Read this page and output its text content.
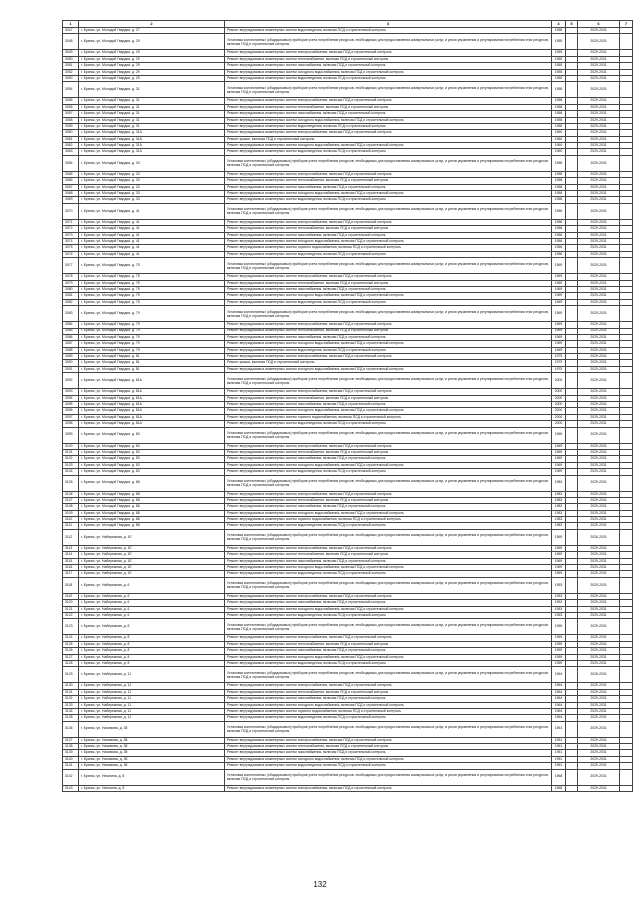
1	2	3	4	5	6	7
3047	г. Брянск, ул. Молодой Гвардии, д. 27	Ремонт внутридомовых инженерных систем водоотведения, включая ПСД и строительный контроль	1958		2029-2031	
3048	г. Брянск, ул. Молодой Гвардии, д. 29	Установка коллективных (общедомовых) приборов учета потребления ресурсов, необходимых для предоставления коммунальных услуг, и узлов управления и регулирования потребления этих ресурсов, включая ПСД и строительный контроль	1955		2029-2031	
3049	г. Брянск, ул. Молодой Гвардии, д. 29	Ремонт внутридомовых инженерных систем электроснабжения, включая ПСД и строительный контроль	1955		2029-2031	
3050	г. Брянск, ул. Молодой Гвардии, д. 29	Ремонт внутридомовых инженерных систем теплоснабжения, включая ПСД и строительный контроль	1955		2029-2031	
3051	г. Брянск, ул. Молодой Гвардии, д. 29	Ремонт внутридомовых инженерных систем газоснабжения, включая ПСД и строительный контроль	1955		2029-2031	
3052	г. Брянск, ул. Молодой Гвардии, д. 29	Ремонт внутридомовых инженерных систем холодного водоснабжения, включая ПСД и строительный контроль	1955		2029-2031	
3053	г. Брянск, ул. Молодой Гвардии, д. 29	Ремонт внутридомовых инженерных систем водоотведения, включая ПСД и строительный контроль	1955		2029-2031	
3054	г. Брянск, ул. Молодой Гвардии, д. 31	Установка коллективных (общедомовых) приборов учета потребления ресурсов, необходимых для предоставления коммунальных услуг, и узлов управления и регулирования потребления этих ресурсов, включая ПСД и строительный контроль	1958		2029-2031	
3055	г. Брянск, ул. Молодой Гвардии, д. 31	Ремонт внутридомовых инженерных систем электроснабжения, включая ПСД и строительный контроль	1958		2029-2031	
3056	г. Брянск, ул. Молодой Гвардии, д. 31	Ремонт внутридомовых инженерных систем теплоснабжения, включая ПСД и строительный контроль	1958		2029-2031	
3057	г. Брянск, ул. Молодой Гвардии, д. 31	Ремонт внутридомовых инженерных систем газоснабжения, включая ПСД и строительный контроль	1958		2029-2031	
3058	г. Брянск, ул. Молодой Гвардии, д. 31	Ремонт внутридомовых инженерных систем холодного водоснабжения, включая ПСД и строительный контроль	1958		2029-2031	
3059	г. Брянск, ул. Молодой Гвардии, д. 31	Ремонт внутридомовых инженерных систем водоотведения, включая ПСД и строительный контроль	1958		2029-2031	
3060	г. Брянск, ул. Молодой Гвардии, д. 31А	Ремонт внутридомовых инженерных систем электроснабжения, включая ПСД и строительный контроль	1960		2029-2031	
3061	г. Брянск, ул. Молодой Гвардии, д. 31А	Ремонт крыши, включая ПСД и строительный контроль	1960		2029-2031	
3062	г. Брянск, ул. Молодой Гвардии, д. 31А	Ремонт внутридомовых инженерных систем холодного водоснабжения, включая ПСД и строительный контроль	1960		2029-2031	
3063	г. Брянск, ул. Молодой Гвардии, д. 31А	Ремонт внутридомовых инженерных систем водоотведения, включая ПСД и строительный контроль	1960		2029-2031	
3064	г. Брянск, ул. Молодой Гвардии, д. 33	Установка коллективных (общедомовых) приборов учета потребления ресурсов, необходимых для предоставления коммунальных услуг, и узлов управления и регулирования потребления этих ресурсов, включая ПСД и строительный контроль	1958		2029-2031	
3065	г. Брянск, ул. Молодой Гвардии, д. 33	Ремонт внутридомовых инженерных систем электроснабжения, включая ПСД и строительный контроль	1958		2029-2031	
3066	г. Брянск, ул. Молодой Гвардии, д. 33	Ремонт внутридомовых инженерных систем теплоснабжения, включая ПСД и строительный контроль	1958		2029-2031	
3067	г. Брянск, ул. Молодой Гвардии, д. 33	Ремонт внутридомовых инженерных систем газоснабжения, включая ПСД и строительный контроль	1958		2029-2031	
3068	г. Брянск, ул. Молодой Гвардии, д. 33	Ремонт внутридомовых инженерных систем холодного водоснабжения, включая ПСД и строительный контроль	1958		2029-2031	
3069	г. Брянск, ул. Молодой Гвардии, д. 33	Ремонт внутридомовых инженерных систем водоотведения, включая ПСД и строительный контроль	1958		2029-2031	
3070	г. Брянск, ул. Молодой Гвардии, д. 41	Установка коллективных (общедомовых) приборов учета потребления ресурсов, необходимых для предоставления коммунальных услуг, и узлов управления и регулирования потребления этих ресурсов, включая ПСД и строительный контроль	1956		2029-2031	
3071	г. Брянск, ул. Молодой Гвардии, д. 41	Ремонт внутридомовых инженерных систем электроснабжения, включая ПСД и строительный контроль	1956		2029-2031	
3072	г. Брянск, ул. Молодой Гвардии, д. 41	Ремонт внутридомовых инженерных систем теплоснабжения, включая ПСД и строительный контроль	1956		2029-2031	
3073	г. Брянск, ул. Молодой Гвардии, д. 41	Ремонт внутридомовых инженерных систем газоснабжения, включая ПСД и строительный контроль	1956		2029-2031	
3074	г. Брянск, ул. Молодой Гвардии, д. 41	Ремонт внутридомовых инженерных систем холодного водоснабжения, включая ПСД и строительный контроль	1956		2029-2031	
3075	г. Брянск, ул. Молодой Гвардии, д. 41	Ремонт внутридомовых инженерных систем горячего водоснабжения, включая ПСД и строительный контроль	1956		2029-2031	
3076	г. Брянск, ул. Молодой Гвардии, д. 41	Ремонт внутридомовых инженерных систем водоотведения, включая ПСД и строительный контроль	1956		2029-2031	
3077	г. Брянск, ул. Молодой Гвардии, д. 75	Установка коллективных (общедомовых) приборов учета потребления ресурсов, необходимых для предоставления коммунальных услуг, и узлов управления и регулирования потребления этих ресурсов, включая ПСД и строительный контроль	1969		2029-2031	
3078	г. Брянск, ул. Молодой Гвардии, д. 75	Ремонт внутридомовых инженерных систем электроснабжения, включая ПСД и строительный контроль	1969		2029-2031	
3079	г. Брянск, ул. Молодой Гвардии, д. 75	Ремонт внутридомовых инженерных систем теплоснабжения, включая ПСД и строительный контроль	1969		2029-2031	
3080	г. Брянск, ул. Молодой Гвардии, д. 75	Ремонт внутридомовых инженерных систем газоснабжения, включая ПСД и строительный контроль	1969		2029-2031	
3081	г. Брянск, ул. Молодой Гвардии, д. 75	Ремонт внутридомовых инженерных систем холодного водоснабжения, включая ПСД и строительный контроль	1969		2029-2031	
3082	г. Брянск, ул. Молодой Гвардии, д. 75	Ремонт внутридомовых инженерных систем водоотведения, включая ПСД и строительный контроль	1969		2029-2031	
3083	г. Брянск, ул. Молодой Гвардии, д. 79	Установка коллективных (общедомовых) приборов учета потребления ресурсов, необходимых для предоставления коммунальных услуг, и узлов управления и регулирования потребления этих ресурсов, включая ПСД и строительный контроль	1969		2029-2031	
3084	г. Брянск, ул. Молодой Гвардии, д. 79	Ремонт внутридомовых инженерных систем электроснабжения, включая ПСД и строительный контроль	1969		2029-2031	
3085	г. Брянск, ул. Молодой Гвардии, д. 79	Ремонт внутридомовых инженерных систем теплоснабжения, включая ПСД и строительный контроль	1969		2029-2031	
3086	г. Брянск, ул. Молодой Гвардии, д. 79	Ремонт внутридомовых инженерных систем газоснабжения, включая ПСД и строительный контроль	1969		2029-2031	
3087	г. Брянск, ул. Молодой Гвардии, д. 79	Ремонт внутридомовых инженерных систем холодного водоснабжения, включая ПСД и строительный контроль	1969		2029-2031	
3088	г. Брянск, ул. Молодой Гвардии, д. 79	Ремонт внутридомовых инженерных систем водоотведения, включая ПСД и строительный контроль	1969		2029-2031	
3089	г. Брянск, ул. Молодой Гвардии, д. 81	Ремонт внутридомовых инженерных систем электроснабжения, включая ПСД и строительный контроль	1975		2029-2031	
3090	г. Брянск, ул. Молодой Гвардии, д. 81	Ремонт крыши, включая ПСД и строительный контроль	1975		2029-2031	
3091	г. Брянск, ул. Молодой Гвардии, д. 81	Ремонт внутридомовых инженерных систем холодного водоснабжения, включая ПСД и строительный контроль	1975		2029-2031	
3092	г. Брянск, ул. Молодой Гвардии, д. 81А	Установка коллективных (общедомовых) приборов учета потребления ресурсов, необходимых для предоставления коммунальных услуг, и узлов управления и регулирования потребления этих ресурсов, включая ПСД и строительный контроль	2000		2029-2031	
3093	г. Брянск, ул. Молодой Гвардии, д. 81А	Ремонт внутридомовых инженерных систем электроснабжения, включая ПСД и строительный контроль	2000		2029-2031	
3094	г. Брянск, ул. Молодой Гвардии, д. 81А	Ремонт внутридомовых инженерных систем теплоснабжения, включая ПСД и строительный контроль	2000		2029-2031	
3095	г. Брянск, ул. Молодой Гвардии, д. 81А	Ремонт внутридомовых инженерных систем газоснабжения, включая ПСД и строительный контроль	2000		2029-2031	
3096	г. Брянск, ул. Молодой Гвардии, д. 81А	Ремонт внутридомовых инженерных систем холодного водоснабжения, включая ПСД и строительный контроль	2000		2029-2031	
3097	г. Брянск, ул. Молодой Гвардии, д. 81А	Ремонт внутридомовых инженерных систем горячего водоснабжения, включая ПСД и строительный контроль	2000		2029-2031	
3098	г. Брянск, ул. Молодой Гвардии, д. 81А	Ремонт внутридомовых инженерных систем водоотведения, включая ПСД и строительный контроль	2000		2029-2031	
3099	г. Брянск, ул. Молодой Гвардии, д. 83	Установка коллективных (общедомовых) приборов учета потребления ресурсов, необходимых для предоставления коммунальных услуг, и узлов управления и регулирования потребления этих ресурсов, включая ПСД и строительный контроль	1969		2029-2031	
3100	г. Брянск, ул. Молодой Гвардии, д. 83	Ремонт внутридомовых инженерных систем электроснабжения, включая ПСД и строительный контроль	1969		2029-2031	
3101	г. Брянск, ул. Молодой Гвардии, д. 83	Ремонт внутридомовых инженерных систем теплоснабжения, включая ПСД и строительный контроль	1969		2029-2031	
3102	г. Брянск, ул. Молодой Гвардии, д. 83	Ремонт внутридомовых инженерных систем газоснабжения, включая ПСД и строительный контроль	1969		2029-2031	
3103	г. Брянск, ул. Молодой Гвардии, д. 83	Ремонт внутридомовых инженерных систем холодного водоснабжения, включая ПСД и строительный контроль	1969		2029-2031	
3104	г. Брянск, ул. Молодой Гвардии, д. 83	Ремонт внутридомовых инженерных систем водоотведения, включая ПСД и строительный контроль	1969		2029-2031	
3105	г. Брянск, ул. Молодой Гвардии, д. 88	Установка коллективных (общедомовых) приборов учета потребления ресурсов, необходимых для предоставления коммунальных услуг, и узлов управления и регулирования потребления этих ресурсов, включая ПСД и строительный контроль	1983		2029-2031	
3106	г. Брянск, ул. Молодой Гвардии, д. 88	Ремонт внутридомовых инженерных систем электроснабжения, включая ПСД и строительный контроль	1983		2029-2031	
3107	г. Брянск, ул. Молодой Гвардии, д. 88	Ремонт внутридомовых инженерных систем теплоснабжения, включая ПСД и строительный контроль	1983		2029-2031	
3108	г. Брянск, ул. Молодой Гвардии, д. 88	Ремонт внутридомовых инженерных систем газоснабжения, включая ПСД и строительный контроль	1983		2029-2031	
3109	г. Брянск, ул. Молодой Гвардии, д. 88	Ремонт внутридомовых инженерных систем холодного водоснабжения, включая ПСД и строительный контроль	1983		2029-2031	
3110	г. Брянск, ул. Молодой Гвардии, д. 88	Ремонт внутридомовых инженерных систем горячего водоснабжения, включая ПСД и строительный контроль	1983		2029-2031	
3111	г. Брянск, ул. Молодой Гвардии, д. 88	Ремонт внутридомовых инженерных систем водоотведения, включая ПСД и строительный контроль	1983		2029-2031	
3112	г. Брянск, ул. Набережная, д. 1Е	Установка коллективных (общедомовых) приборов учета потребления ресурсов, необходимых для предоставления коммунальных услуг, и узлов управления и регулирования потребления этих ресурсов, включая ПСД и строительный контроль	1969		2026-2031	
3113	г. Брянск, ул. Набережная, д. 1Е	Ремонт внутридомовых инженерных систем электроснабжения, включая ПСД и строительный контроль	1969		2029-2031	
3114	г. Брянск, ул. Набережная, д. 1Е	Ремонт внутридомовых инженерных систем теплоснабжения, включая ПСД и строительный контроль	1969		2029-2031	
3115	г. Брянск, ул. Набережная, д. 1Е	Ремонт внутридомовых инженерных систем газоснабжения, включая ПСД и строительный контроль	1969		2029-2031	
3116	г. Брянск, ул. Набережная, д. 1Е	Ремонт внутридомовых инженерных систем холодного водоснабжения, включая ПСД и строительный контроль	1969		2029-2031	
3117	г. Брянск, ул. Набережная, д. 1Е	Ремонт внутридомовых инженерных систем водоотведения, включая ПСД и строительный контроль	1969		2029-2031	
3118	г. Брянск, ул. Набережная, д. 6	Установка коллективных (общедомовых) приборов учета потребления ресурсов, необходимых для предоставления коммунальных услуг, и узлов управления и регулирования потребления этих ресурсов, включая ПСД и строительный контроль	1953		2029-2031	
3119	г. Брянск, ул. Набережная, д. 6	Ремонт внутридомовых инженерных систем электроснабжения, включая ПСД и строительный контроль	1953		2029-2031	
3120	г. Брянск, ул. Набережная, д. 6	Ремонт внутридомовых инженерных систем газоснабжения, включая ПСД и строительный контроль	1953		2029-2031	
3121	г. Брянск, ул. Набережная, д. 6	Ремонт внутридомовых инженерных систем холодного водоснабжения, включая ПСД и строительный контроль	1953		2029-2031	
3122	г. Брянск, ул. Набережная, д. 6	Ремонт внутридомовых инженерных систем водоотведения, включая ПСД и строительный контроль	1953		2029-2031	
3123	г. Брянск, ул. Набережная, д. 8	Установка коллективных (общедомовых) приборов учета потребления ресурсов, необходимых для предоставления коммунальных услуг, и узлов управления и регулирования потребления этих ресурсов, включая ПСД и строительный контроль	1959		2029-2031	
3124	г. Брянск, ул. Набережная, д. 8	Ремонт внутридомовых инженерных систем электроснабжения, включая ПСД и строительный контроль	1959		2029-2031	
3125	г. Брянск, ул. Набережная, д. 8	Ремонт внутридомовых инженерных систем теплоснабжения, включая ПСД и строительный контроль	1959		2029-2031	
3126	г. Брянск, ул. Набережная, д. 8	Ремонт внутридомовых инженерных систем газоснабжения, включая ПСД и строительный контроль	1959		2029-2031	
3127	г. Брянск, ул. Набережная, д. 8	Ремонт внутридомовых инженерных систем холодного водоснабжения, включая ПСД и строительный контроль	1959		2029-2031	
3128	г. Брянск, ул. Набережная, д. 8	Ремонт внутридомовых инженерных систем водоотведения, включая ПСД и строительный контроль	1959		2029-2031	
3129	г. Брянск, ул. Набережная, д. 11	Установка коллективных (общедомовых) приборов учета потребления ресурсов, необходимых для предоставления коммунальных услуг, и узлов управления и регулирования потребления этих ресурсов, включая ПСД и строительный контроль	1964		2026-2031	
3130	г. Брянск, ул. Набережная, д. 11	Ремонт внутридомовых инженерных систем электроснабжения, включая ПСД и строительный контроль	1964		2029-2031	
3131	г. Брянск, ул. Набережная, д. 11	Ремонт внутридомовых инженерных систем теплоснабжения, включая ПСД и строительный контроль	1964		2029-2031	
3132	г. Брянск, ул. Набережная, д. 11	Ремонт внутридомовых инженерных систем газоснабжения, включая ПСД и строительный контроль	1964		2029-2031	
3133	г. Брянск, ул. Набережная, д. 11	Ремонт внутридомовых инженерных систем холодного водоснабжения, включая ПСД и строительный контроль	1964		2029-2031	
3134	г. Брянск, ул. Набережная, д. 11	Ремонт внутридомовых инженерных систем горячего водоснабжения, включая ПСД и строительный контроль	1964		2029-2031	
3135	г. Брянск, ул. Набережная, д. 11	Ремонт внутридомовых инженерных систем водоотведения, включая ПСД и строительный контроль	1964		2029-2031	
3136	г. Брянск, ул. Нахимова, д. 38	Установка коллективных (общедомовых) приборов учета потребления ресурсов, необходимых для предоставления коммунальных услуг, и узлов управления и регулирования потребления этих ресурсов, включая ПСД и строительный контроль	1951		2029-2031	
3137	г. Брянск, ул. Нахимова, д. 38	Ремонт внутридомовых инженерных систем электроснабжения, включая ПСД и строительный контроль	1951		2029-2031	
3138	г. Брянск, ул. Нахимова, д. 38	Ремонт внутридомовых инженерных систем теплоснабжения, включая ПСД и строительный контроль	1951		2029-2031	
3139	г. Брянск, ул. Нахимова, д. 38	Ремонт внутридомовых инженерных систем газоснабжения, включая ПСД и строительный контроль	1951		2029-2031	
3140	г. Брянск, ул. Нахимова, д. 38	Ремонт внутридомовых инженерных систем холодного водоснабжения, включая ПСД и строительный контроль	1951		2029-2031	
3141	г. Брянск, ул. Нахимова, д. 38	Ремонт внутридомовых инженерных систем водоотведения, включая ПСД и строительный контроль	1951		2029-2031	
3142	г. Брянск, ул. Некигина, д. 8	Установка коллективных (общедомовых) приборов учета потребления ресурсов, необходимых для предоставления коммунальных услуг, и узлов управления и регулирования потребления этих ресурсов, включая ПСД и строительный контроль	1968		2029-2031	
3143	г. Брянск, ул. Некигина, д. 8	Ремонт внутридомовых инженерных систем электроснабжения, включая ПСД и строительный контроль	1968		2029-2031	
132
